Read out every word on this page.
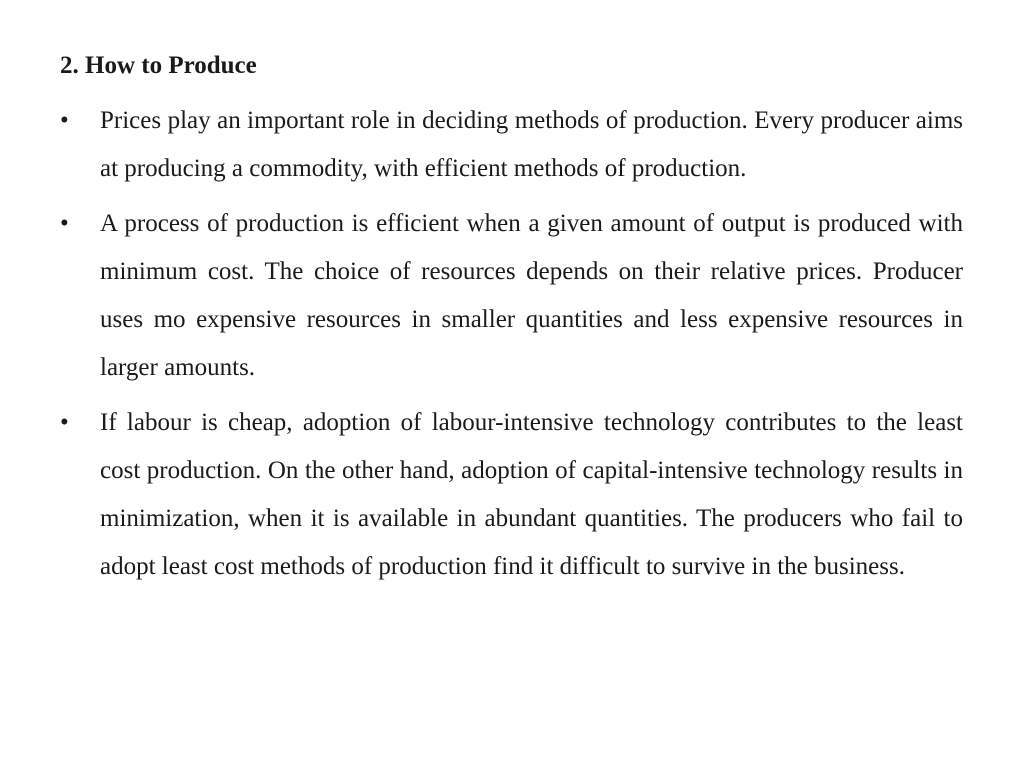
2. How to Produce
• Prices play an important role in deciding methods of production. Every producer aims at producing a commodity, with efficient methods of production.
• A process of production is efficient when a given amount of output is produced with minimum cost. The choice of resources depends on their relative prices. Producer uses mo expensive resources in smaller quantities and less expensive resources in larger amounts.
• If labour is cheap, adoption of labour-intensive technology contributes to the least cost production. On the other hand, adoption of capital-intensive technology results in minimization, when it is available in abundant quantities. The producers who fail to adopt least cost methods of production find it difficult to survive in the business.
